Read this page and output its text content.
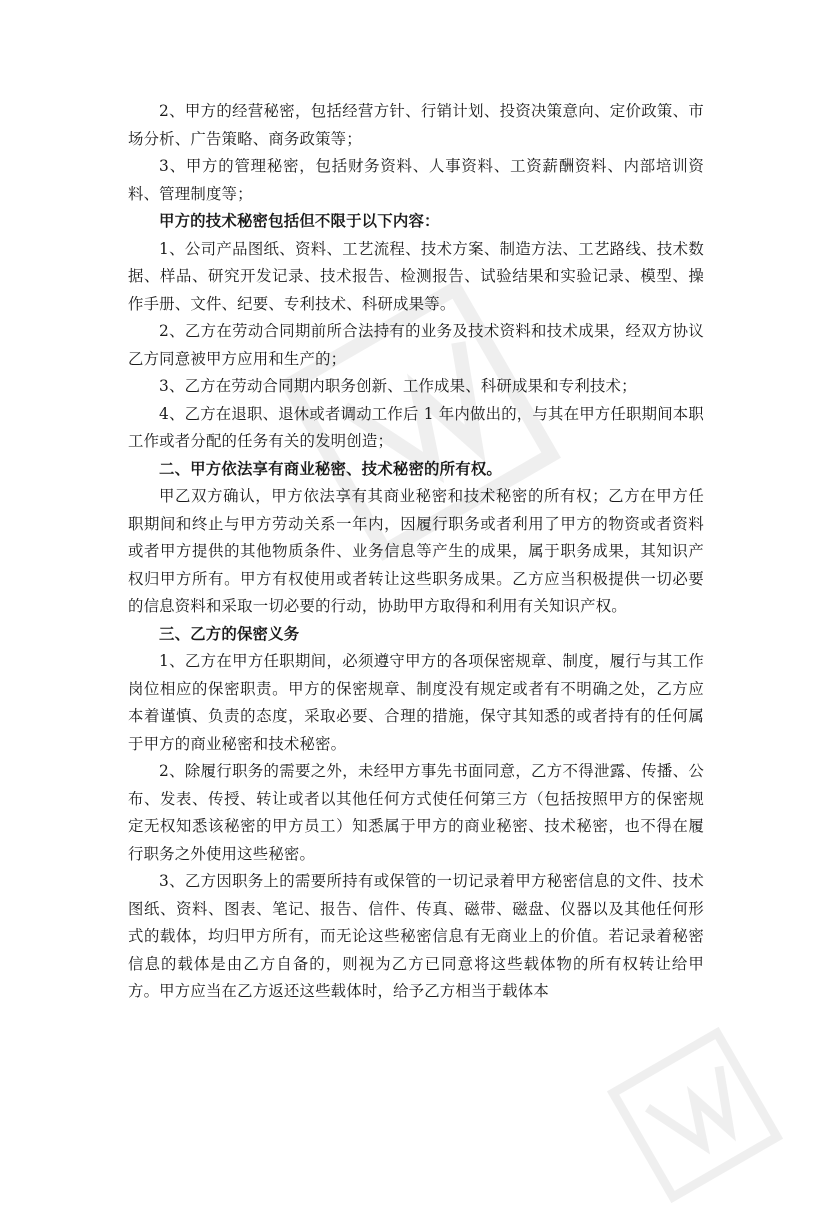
2、甲方的经营秘密，包括经营方针、行销计划、投资决策意向、定价政策、市场分析、广告策略、商务政策等；

3、甲方的管理秘密，包括财务资料、人事资料、工资薪酬资料、内部培训资料、管理制度等；

甲方的技术秘密包括但不限于以下内容：

1、公司产品图纸、资料、工艺流程、技术方案、制造方法、工艺路线、技术数据、样品、研究开发记录、技术报告、检测报告、试验结果和实验记录、模型、操作手册、文件、纪要、专利技术、科研成果等。

2、乙方在劳动合同期前所合法持有的业务及技术资料和技术成果，经双方协议乙方同意被甲方应用和生产的；

3、乙方在劳动合同期内职务创新、工作成果、科研成果和专利技术；

4、乙方在退职、退休或者调动工作后 1 年内做出的，与其在甲方任职期间本职工作或者分配的任务有关的发明创造；

二、甲方依法享有商业秘密、技术秘密的所有权。

甲乙双方确认，甲方依法享有其商业秘密和技术秘密的所有权；乙方在甲方任职期间和终止与甲方劳动关系一年内，因履行职务或者利用了甲方的物资或者资料或者甲方提供的其他物质条件、业务信息等产生的成果，属于职务成果，其知识产权归甲方所有。甲方有权使用或者转让这些职务成果。乙方应当积极提供一切必要的信息资料和采取一切必要的行动，协助甲方取得和利用有关知识产权。

三、乙方的保密义务

1、乙方在甲方任职期间，必须遵守甲方的各项保密规章、制度，履行与其工作岗位相应的保密职责。甲方的保密规章、制度没有规定或者有不明确之处，乙方应本着谨慎、负责的态度，采取必要、合理的措施，保守其知悉的或者持有的任何属于甲方的商业秘密和技术秘密。

2、除履行职务的需要之外，未经甲方事先书面同意，乙方不得泄露、传播、公布、发表、传授、转让或者以其他任何方式使任何第三方（包括按照甲方的保密规定无权知悉该秘密的甲方员工）知悉属于甲方的商业秘密、技术秘密，也不得在履行职务之外使用这些秘密。

3、乙方因职务上的需要所持有或保管的一切记录着甲方秘密信息的文件、技术图纸、资料、图表、笔记、报告、信件、传真、磁带、磁盘、仪器以及其他任何形式的载体，均归甲方所有，而无论这些秘密信息有无商业上的价值。若记录着秘密信息的载体是由乙方自备的，则视为乙方已同意将这些载体物的所有权转让给甲方。甲方应当在乙方返还这些载体时，给予乙方相当于载体本
